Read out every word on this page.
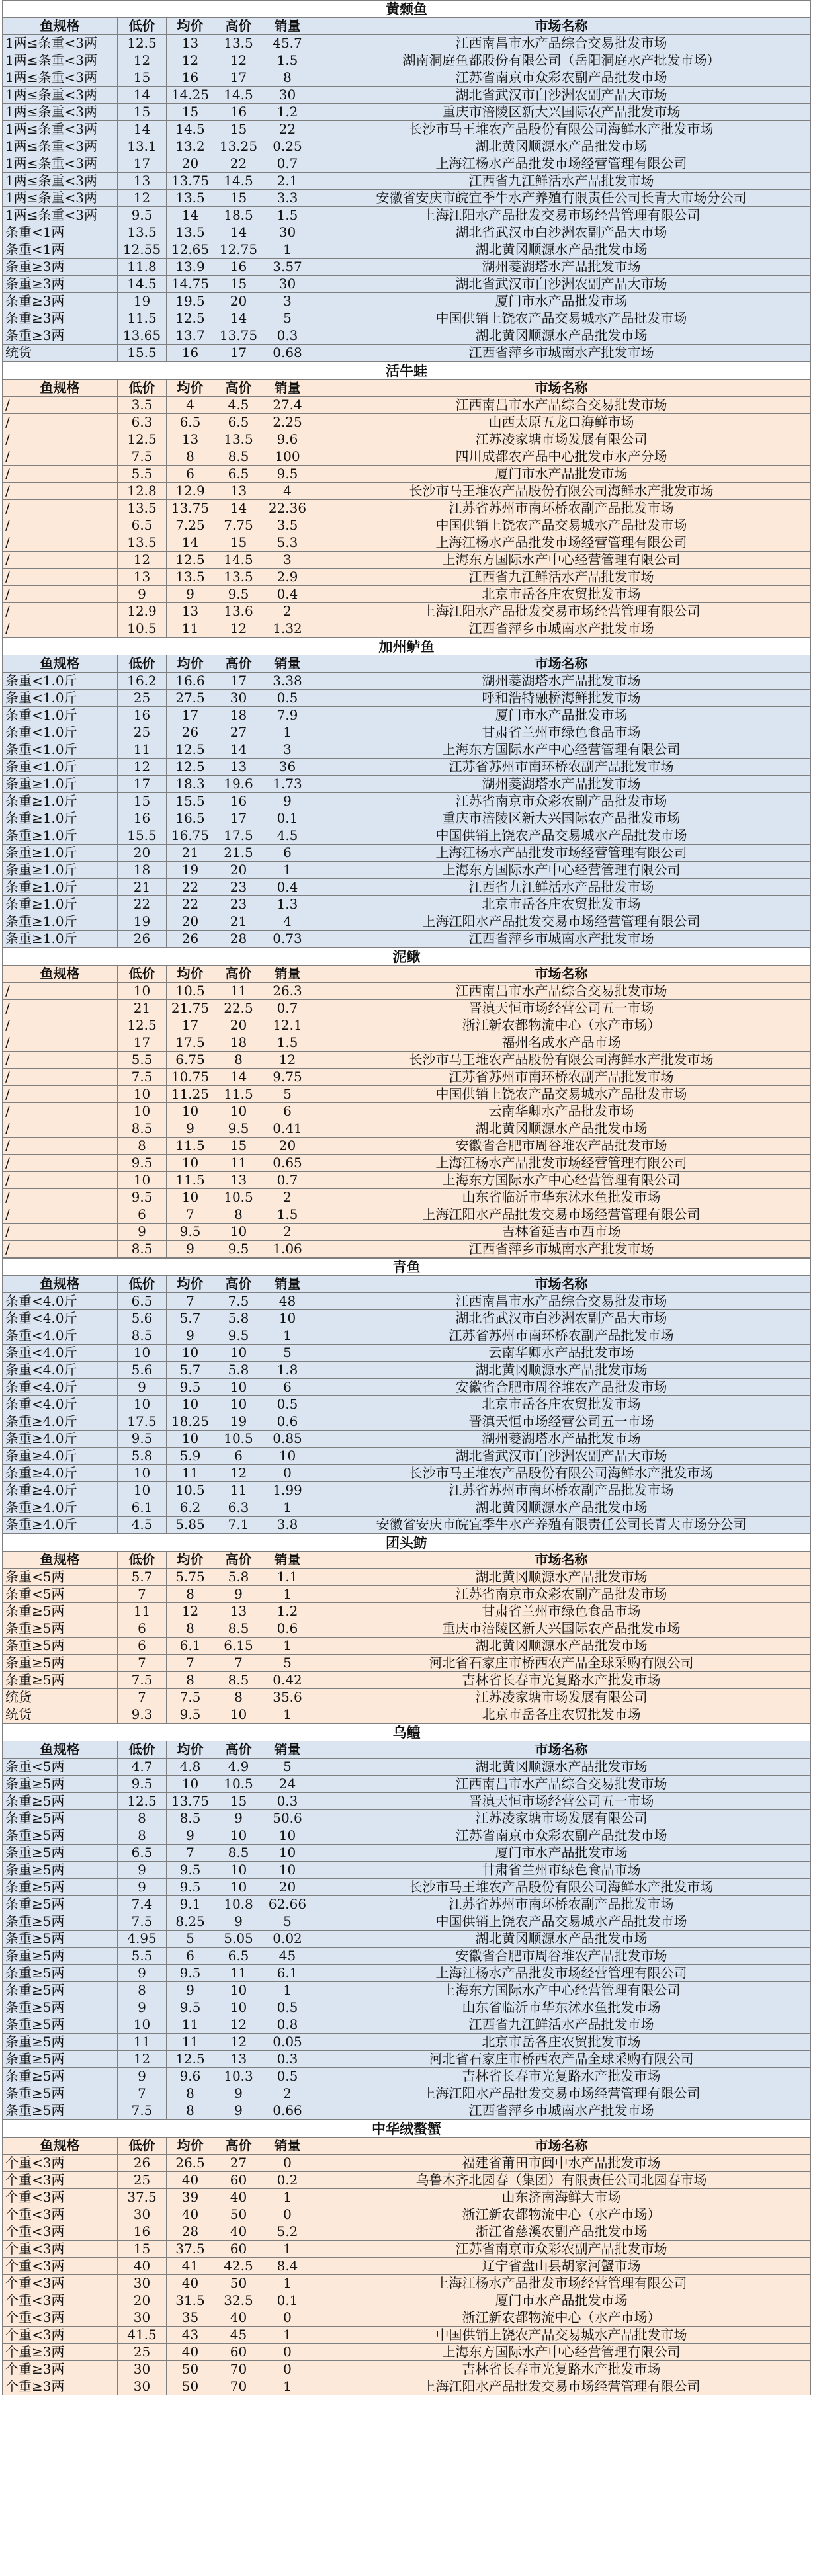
黄颡鱼					
鱼规格	低价	均价	高价	销量	市场名称
1两≤条重<3两	12.5	13	13.5	45.7	江西南昌市水产品综合交易批发市场
1两≤条重<3两	12	12	12	1.5	湖南洞庭鱼都股份有限公司（岳阳洞庭水产批发市场）
1两≤条重<3两	15	16	17	8	江苏省南京市众彩农副产品批发市场
1两≤条重<3两	14	14.25	14.5	30	湖北省武汉市白沙洲农副产品大市场
1两≤条重<3两	15	15	16	1.2	重庆市涪陵区新大兴国际农产品批发市场
1两≤条重<3两	14	14.5	15	22	长沙市马王堆农产品股份有限公司海鲜水产批发市场
1两≤条重<3两	13.1	13.2	13.25	0.25	湖北黄冈顺源水产品批发市场
1两≤条重<3两	17	20	22	0.7	上海江杨水产品批发市场经营管理有限公司
1两≤条重<3两	13	13.75	14.5	2.1	江西省九江鲜活水产品批发市场
1两≤条重<3两	12	13.5	15	3.3	安徽省安庆市皖宜季牛水产养殖有限责任公司长青大市场分公司
1两≤条重<3两	9.5	14	18.5	1.5	上海江阳水产品批发交易市场经营管理有限公司
条重<1两	13.5	13.5	14	30	湖北省武汉市白沙洲农副产品大市场
条重<1两	12.55	12.65	12.75	1	湖北黄冈顺源水产品批发市场
条重≥3两	11.8	13.9	16	3.57	湖州菱湖塔水产品批发市场
条重≥3两	14.5	14.75	15	30	湖北省武汉市白沙洲农副产品大市场
条重≥3两	19	19.5	20	3	厦门市水产品批发市场
条重≥3两	11.5	12.5	14	5	中国供销上饶农产品交易城水产品批发市场
条重≥3两	13.65	13.7	13.75	0.3	湖北黄冈顺源水产品批发市场
统货	15.5	16	17	0.68	江西省萍乡市城南水产批发市场
活牛蛙					
鱼规格	低价	均价	高价	销量	市场名称
/	3.5	4	4.5	27.4	江西南昌市水产品综合交易批发市场
/	6.3	6.5	6.5	2.25	山西太原五龙口海鲜市场
/	12.5	13	13.5	9.6	江苏凌家塘市场发展有限公司
/	7.5	8	8.5	100	四川成都农产品中心批发市水产分场
/	5.5	6	6.5	9.5	厦门市水产品批发市场
/	12.8	12.9	13	4	长沙市马王堆农产品股份有限公司海鲜水产批发市场
/	13.5	13.75	14	22.36	江苏省苏州市南环桥农副产品批发市场
/	6.5	7.25	7.75	3.5	中国供销上饶农产品交易城水产品批发市场
/	13.5	14	15	5.3	上海江杨水产品批发市场经营管理有限公司
/	12	12.5	14.5	3	上海东方国际水产中心经营管理有限公司
/	13	13.5	13.5	2.9	江西省九江鲜活水产品批发市场
/	9	9	9.5	0.4	北京市岳各庄农贸批发市场
/	12.9	13	13.6	2	上海江阳水产品批发交易市场经营管理有限公司
/	10.5	11	12	1.32	江西省萍乡市城南水产批发市场
加州鲈鱼					
鱼规格	低价	均价	高价	销量	市场名称
条重<1.0斤	16.2	16.6	17	3.38	湖州菱湖塔水产品批发市场
条重<1.0斤	25	27.5	30	0.5	呼和浩特融桥海鲜批发市场
条重<1.0斤	16	17	18	7.9	厦门市水产品批发市场
条重<1.0斤	25	26	27	1	甘肃省兰州市绿色食品市场
条重<1.0斤	11	12.5	14	3	上海东方国际水产中心经营管理有限公司
条重<1.0斤	12	12.5	13	36	江苏省苏州市南环桥农副产品批发市场
条重≥1.0斤	17	18.3	19.6	1.73	湖州菱湖塔水产品批发市场
条重≥1.0斤	15	15.5	16	9	江苏省南京市众彩农副产品批发市场
条重≥1.0斤	16	16.5	17	0.1	重庆市涪陵区新大兴国际农产品批发市场
条重≥1.0斤	15.5	16.75	17.5	4.5	中国供销上饶农产品交易城水产品批发市场
条重≥1.0斤	20	21	21.5	6	上海江杨水产品批发市场经营管理有限公司
条重≥1.0斤	18	19	20	1	上海东方国际水产中心经营管理有限公司
条重≥1.0斤	21	22	23	0.4	江西省九江鲜活水产品批发市场
条重≥1.0斤	22	22	23	1.3	北京市岳各庄农贸批发市场
条重≥1.0斤	19	20	21	4	上海江阳水产品批发交易市场经营管理有限公司
条重≥1.0斤	26	26	28	0.73	江西省萍乡市城南水产批发市场
泥鳅					
鱼规格	低价	均价	高价	销量	市场名称
/	10	10.5	11	26.3	江西南昌市水产品综合交易批发市场
/	21	21.75	22.5	0.7	晋滇天恒市场经营公司五一市场
/	12.5	17	20	12.1	浙江新农都物流中心（水产市场）
/	17	17.5	18	1.5	福州名成水产品市场
/	5.5	6.75	8	12	长沙市马王堆农产品股份有限公司海鲜水产批发市场
/	7.5	10.75	14	9.75	江苏省苏州市南环桥农副产品批发市场
/	10	11.25	11.5	5	中国供销上饶农产品交易城水产品批发市场
/	10	10	10	6	云南华卿水产品批发市场
/	8.5	9	9.5	0.41	湖北黄冈顺源水产品批发市场
/	8	11.5	15	20	安徽省合肥市周谷堆农产品批发市场
/	9.5	10	11	0.65	上海江杨水产品批发市场经营管理有限公司
/	10	11.5	13	0.7	上海东方国际水产中心经营管理有限公司
/	9.5	10	10.5	2	山东省临沂市华东沭水鱼批发市场
/	6	7	8	1.5	上海江阳水产品批发交易市场经营管理有限公司
/	9	9.5	10	2	吉林省延吉市西市场
/	8.5	9	9.5	1.06	江西省萍乡市城南水产批发市场
青鱼					
鱼规格	低价	均价	高价	销量	市场名称
条重<4.0斤	6.5	7	7.5	48	江西南昌市水产品综合交易批发市场
条重<4.0斤	5.6	5.7	5.8	10	湖北省武汉市白沙洲农副产品大市场
条重<4.0斤	8.5	9	9.5	1	江苏省苏州市南环桥农副产品批发市场
条重<4.0斤	10	10	10	5	云南华卿水产品批发市场
条重<4.0斤	5.6	5.7	5.8	1.8	湖北黄冈顺源水产品批发市场
条重<4.0斤	9	9.5	10	6	安徽省合肥市周谷堆农产品批发市场
条重<4.0斤	10	10	10	0.5	北京市岳各庄农贸批发市场
条重≥4.0斤	17.5	18.25	19	0.6	晋滇天恒市场经营公司五一市场
条重≥4.0斤	9.5	10	10.5	0.85	湖州菱湖塔水产品批发市场
条重≥4.0斤	5.8	5.9	6	10	湖北省武汉市白沙洲农副产品大市场
条重≥4.0斤	10	11	12	0	长沙市马王堆农产品股份有限公司海鲜水产批发市场
条重≥4.0斤	10	10.5	11	1.99	江苏省苏州市南环桥农副产品批发市场
条重≥4.0斤	6.1	6.2	6.3	1	湖北黄冈顺源水产品批发市场
条重≥4.0斤	4.5	5.85	7.1	3.8	安徽省安庆市皖宜季牛水产养殖有限责任公司长青大市场分公司
团头鲂					
鱼规格	低价	均价	高价	销量	市场名称
条重<5两	5.7	5.75	5.8	1.1	湖北黄冈顺源水产品批发市场
条重<5两	7	8	9	1	江苏省南京市众彩农副产品批发市场
条重≥5两	11	12	13	1.2	甘肃省兰州市绿色食品市场
条重≥5两	6	8	8.5	0.6	重庆市涪陵区新大兴国际农产品批发市场
条重≥5两	6	6.1	6.15	1	湖北黄冈顺源水产品批发市场
条重≥5两	7	7	7	5	河北省石家庄市桥西农产品全球采购有限公司
条重≥5两	7.5	8	8.5	0.42	吉林省长春市光复路水产批发市场
统货	7	7.5	8	35.6	江苏凌家塘市场发展有限公司
统货	9.3	9.5	10	1	北京市岳各庄农贸批发市场
乌鳢					
鱼规格	低价	均价	高价	销量	市场名称
条重<5两	4.7	4.8	4.9	5	湖北黄冈顺源水产品批发市场
条重≥5两	9.5	10	10.5	24	江西南昌市水产品综合交易批发市场
条重≥5两	12.5	13.75	15	0.3	晋滇天恒市场经营公司五一市场
条重≥5两	8	8.5	9	50.6	江苏凌家塘市场发展有限公司
条重≥5两	8	9	10	10	江苏省南京市众彩农副产品批发市场
条重≥5两	6.5	7	8.5	10	厦门市水产品批发市场
条重≥5两	9	9.5	10	10	甘肃省兰州市绿色食品市场
条重≥5两	9	9.5	10	20	长沙市马王堆农产品股份有限公司海鲜水产批发市场
条重≥5两	7.4	9.1	10.8	62.66	江苏省苏州市南环桥农副产品批发市场
条重≥5两	7.5	8.25	9	5	中国供销上饶农产品交易城水产品批发市场
条重≥5两	4.95	5	5.05	0.02	湖北黄冈顺源水产品批发市场
条重≥5两	5.5	6	6.5	45	安徽省合肥市周谷堆农产品批发市场
条重≥5两	9	9.5	11	6.1	上海江杨水产品批发市场经营管理有限公司
条重≥5两	8	9	10	1	上海东方国际水产中心经营管理有限公司
条重≥5两	9	9.5	10	0.5	山东省临沂市华东沭水鱼批发市场
条重≥5两	10	11	12	0.8	江西省九江鲜活水产品批发市场
条重≥5两	11	11	12	0.05	北京市岳各庄农贸批发市场
条重≥5两	12	12.5	13	0.3	河北省石家庄市桥西农产品全球采购有限公司
条重≥5两	9	9.6	10.3	0.5	吉林省长春市光复路水产批发市场
条重≥5两	7	8	9	2	上海江阳水产品批发交易市场经营管理有限公司
条重≥5两	7.5	8	9	0.66	江西省萍乡市城南水产批发市场
中华绒螯蟹					
鱼规格	低价	均价	高价	销量	市场名称
个重<3两	26	26.5	27	0	福建省莆田市闽中水产品批发市场
个重<3两	25	40	60	0.2	乌鲁木齐北园春（集团）有限责任公司北园春市场
个重<3两	37.5	39	40	1	山东济南海鲜大市场
个重<3两	30	40	50	0	浙江新农都物流中心（水产市场）
个重<3两	16	28	40	5.2	浙江省慈溪农副产品批发市场
个重<3两	15	37.5	60	1	江苏省南京市众彩农副产品批发市场
个重<3两	40	41	42.5	8.4	辽宁省盘山县胡家河蟹市场
个重<3两	30	40	50	1	上海江杨水产品批发市场经营管理有限公司
个重<3两	20	31.5	32.5	0.1	厦门市水产品批发市场
个重<3两	30	35	40	0	浙江新农都物流中心（水产市场）
个重<3两	41.5	43	45	1	中国供销上饶农产品交易城水产品批发市场
个重≥3两	25	40	60	0	上海东方国际水产中心经营管理有限公司
个重≥3两	30	50	70	0	吉林省长春市光复路水产批发市场
个重≥3两	30	50	70	1	上海江阳水产品批发交易市场经营管理有限公司
